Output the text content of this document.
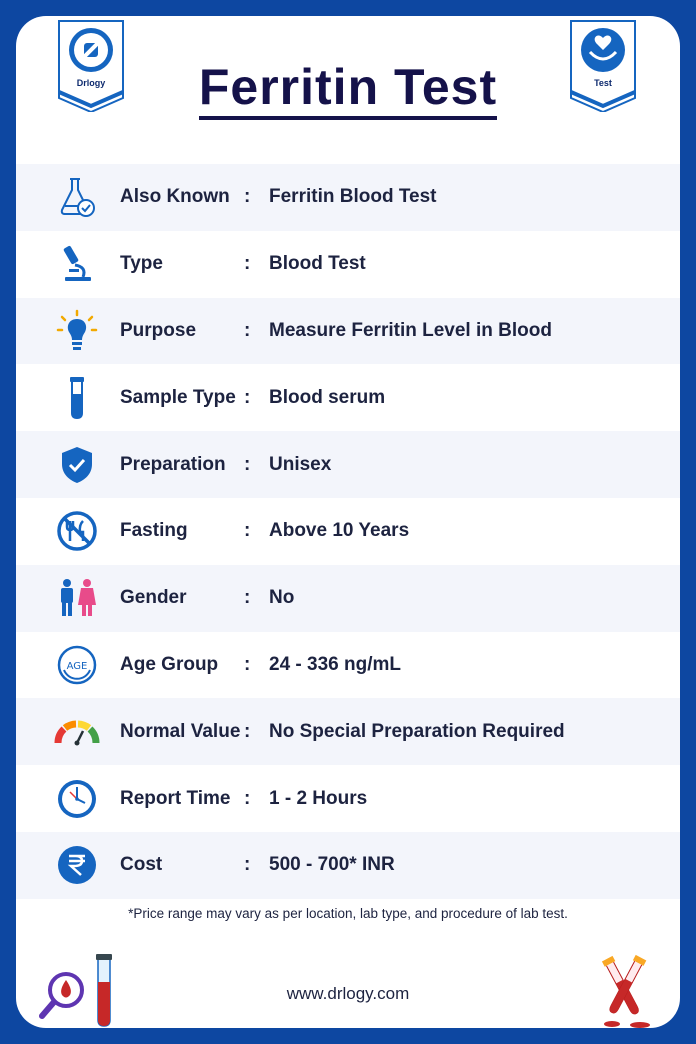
Drlogy	Test
Ferritin Test
Also Known : Ferritin Blood Test
Type	: Blood Test
Purpose	: Measure Ferritin Level in Blood
Sample Type : Blood serum
Preparation : Unisex
Fasting	: Above 10 Years
Gender	: No
AGE Age Group : 24 - 336 ng/mL
Normal Value : No Special Preparation Required
Report Time : 1 - 2 Hours
Cost	: 500 - 700* INR
*Price range may vary as per location, lab type, and procedure of lab test.
www.drlogy.com
